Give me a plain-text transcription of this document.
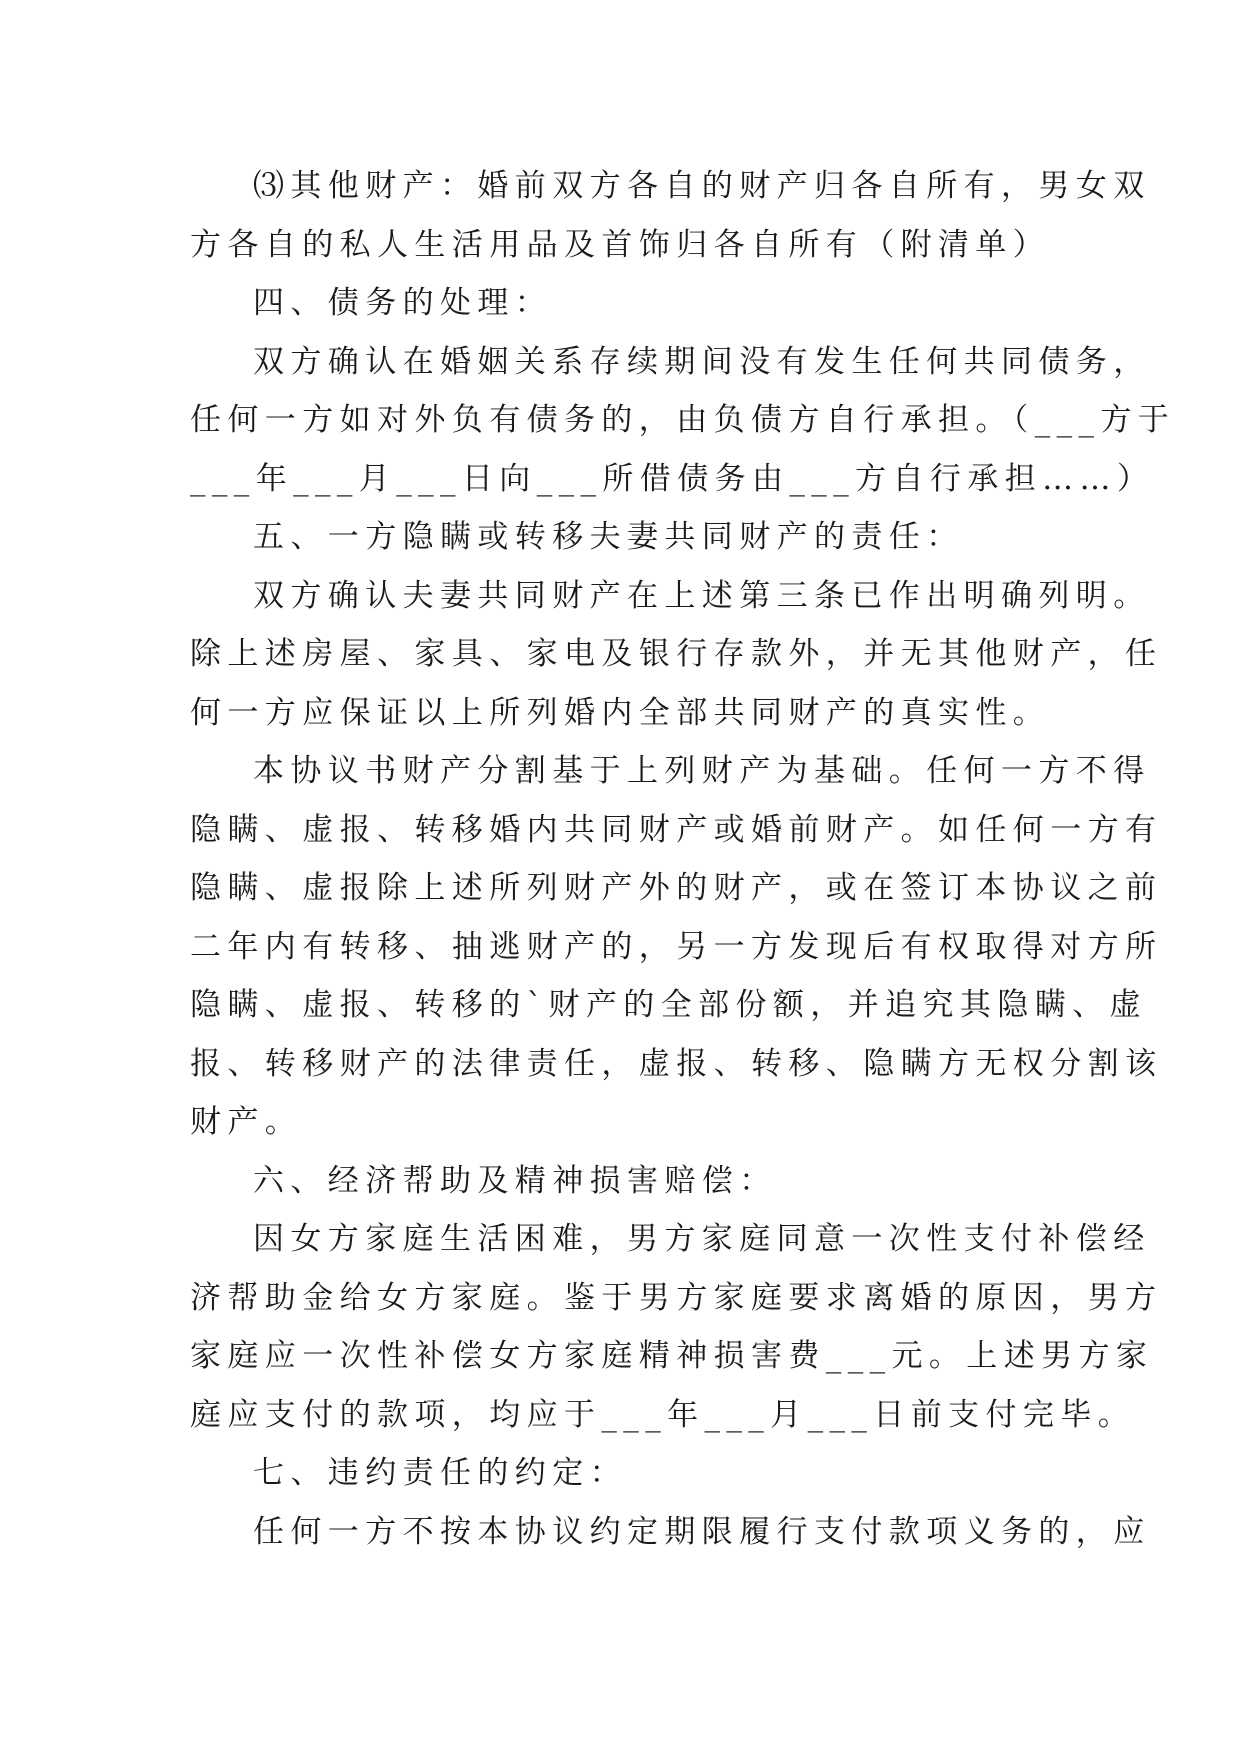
⑶其他财产：婚前双方各自的财产归各自所有，男女双
方各自的私人生活用品及首饰归各自所有（附清单）
四、债务的处理：
双方确认在婚姻关系存续期间没有发生任何共同债务，
任何一方如对外负有债务的，由负债方自行承担。（___方于
___年___月___日向___所借债务由___方自行承担……）
五、一方隐瞒或转移夫妻共同财产的责任：
双方确认夫妻共同财产在上述第三条已作出明确列明。
除上述房屋、家具、家电及银行存款外，并无其他财产，任
何一方应保证以上所列婚内全部共同财产的真实性。
本协议书财产分割基于上列财产为基础。任何一方不得
隐瞒、虚报、转移婚内共同财产或婚前财产。如任何一方有
隐瞒、虚报除上述所列财产外的财产，或在签订本协议之前
二年内有转移、抽逃财产的，另一方发现后有权取得对方所
隐瞒、虚报、转移的`财产的全部份额，并追究其隐瞒、虚
报、转移财产的法律责任，虚报、转移、隐瞒方无权分割该
财产。
六、经济帮助及精神损害赔偿：
因女方家庭生活困难，男方家庭同意一次性支付补偿经
济帮助金给女方家庭。鉴于男方家庭要求离婚的原因，男方
家庭应一次性补偿女方家庭精神损害费___元。上述男方家
庭应支付的款项，均应于___年___月___日前支付完毕。
七、违约责任的约定：
任何一方不按本协议约定期限履行支付款项义务的，应
